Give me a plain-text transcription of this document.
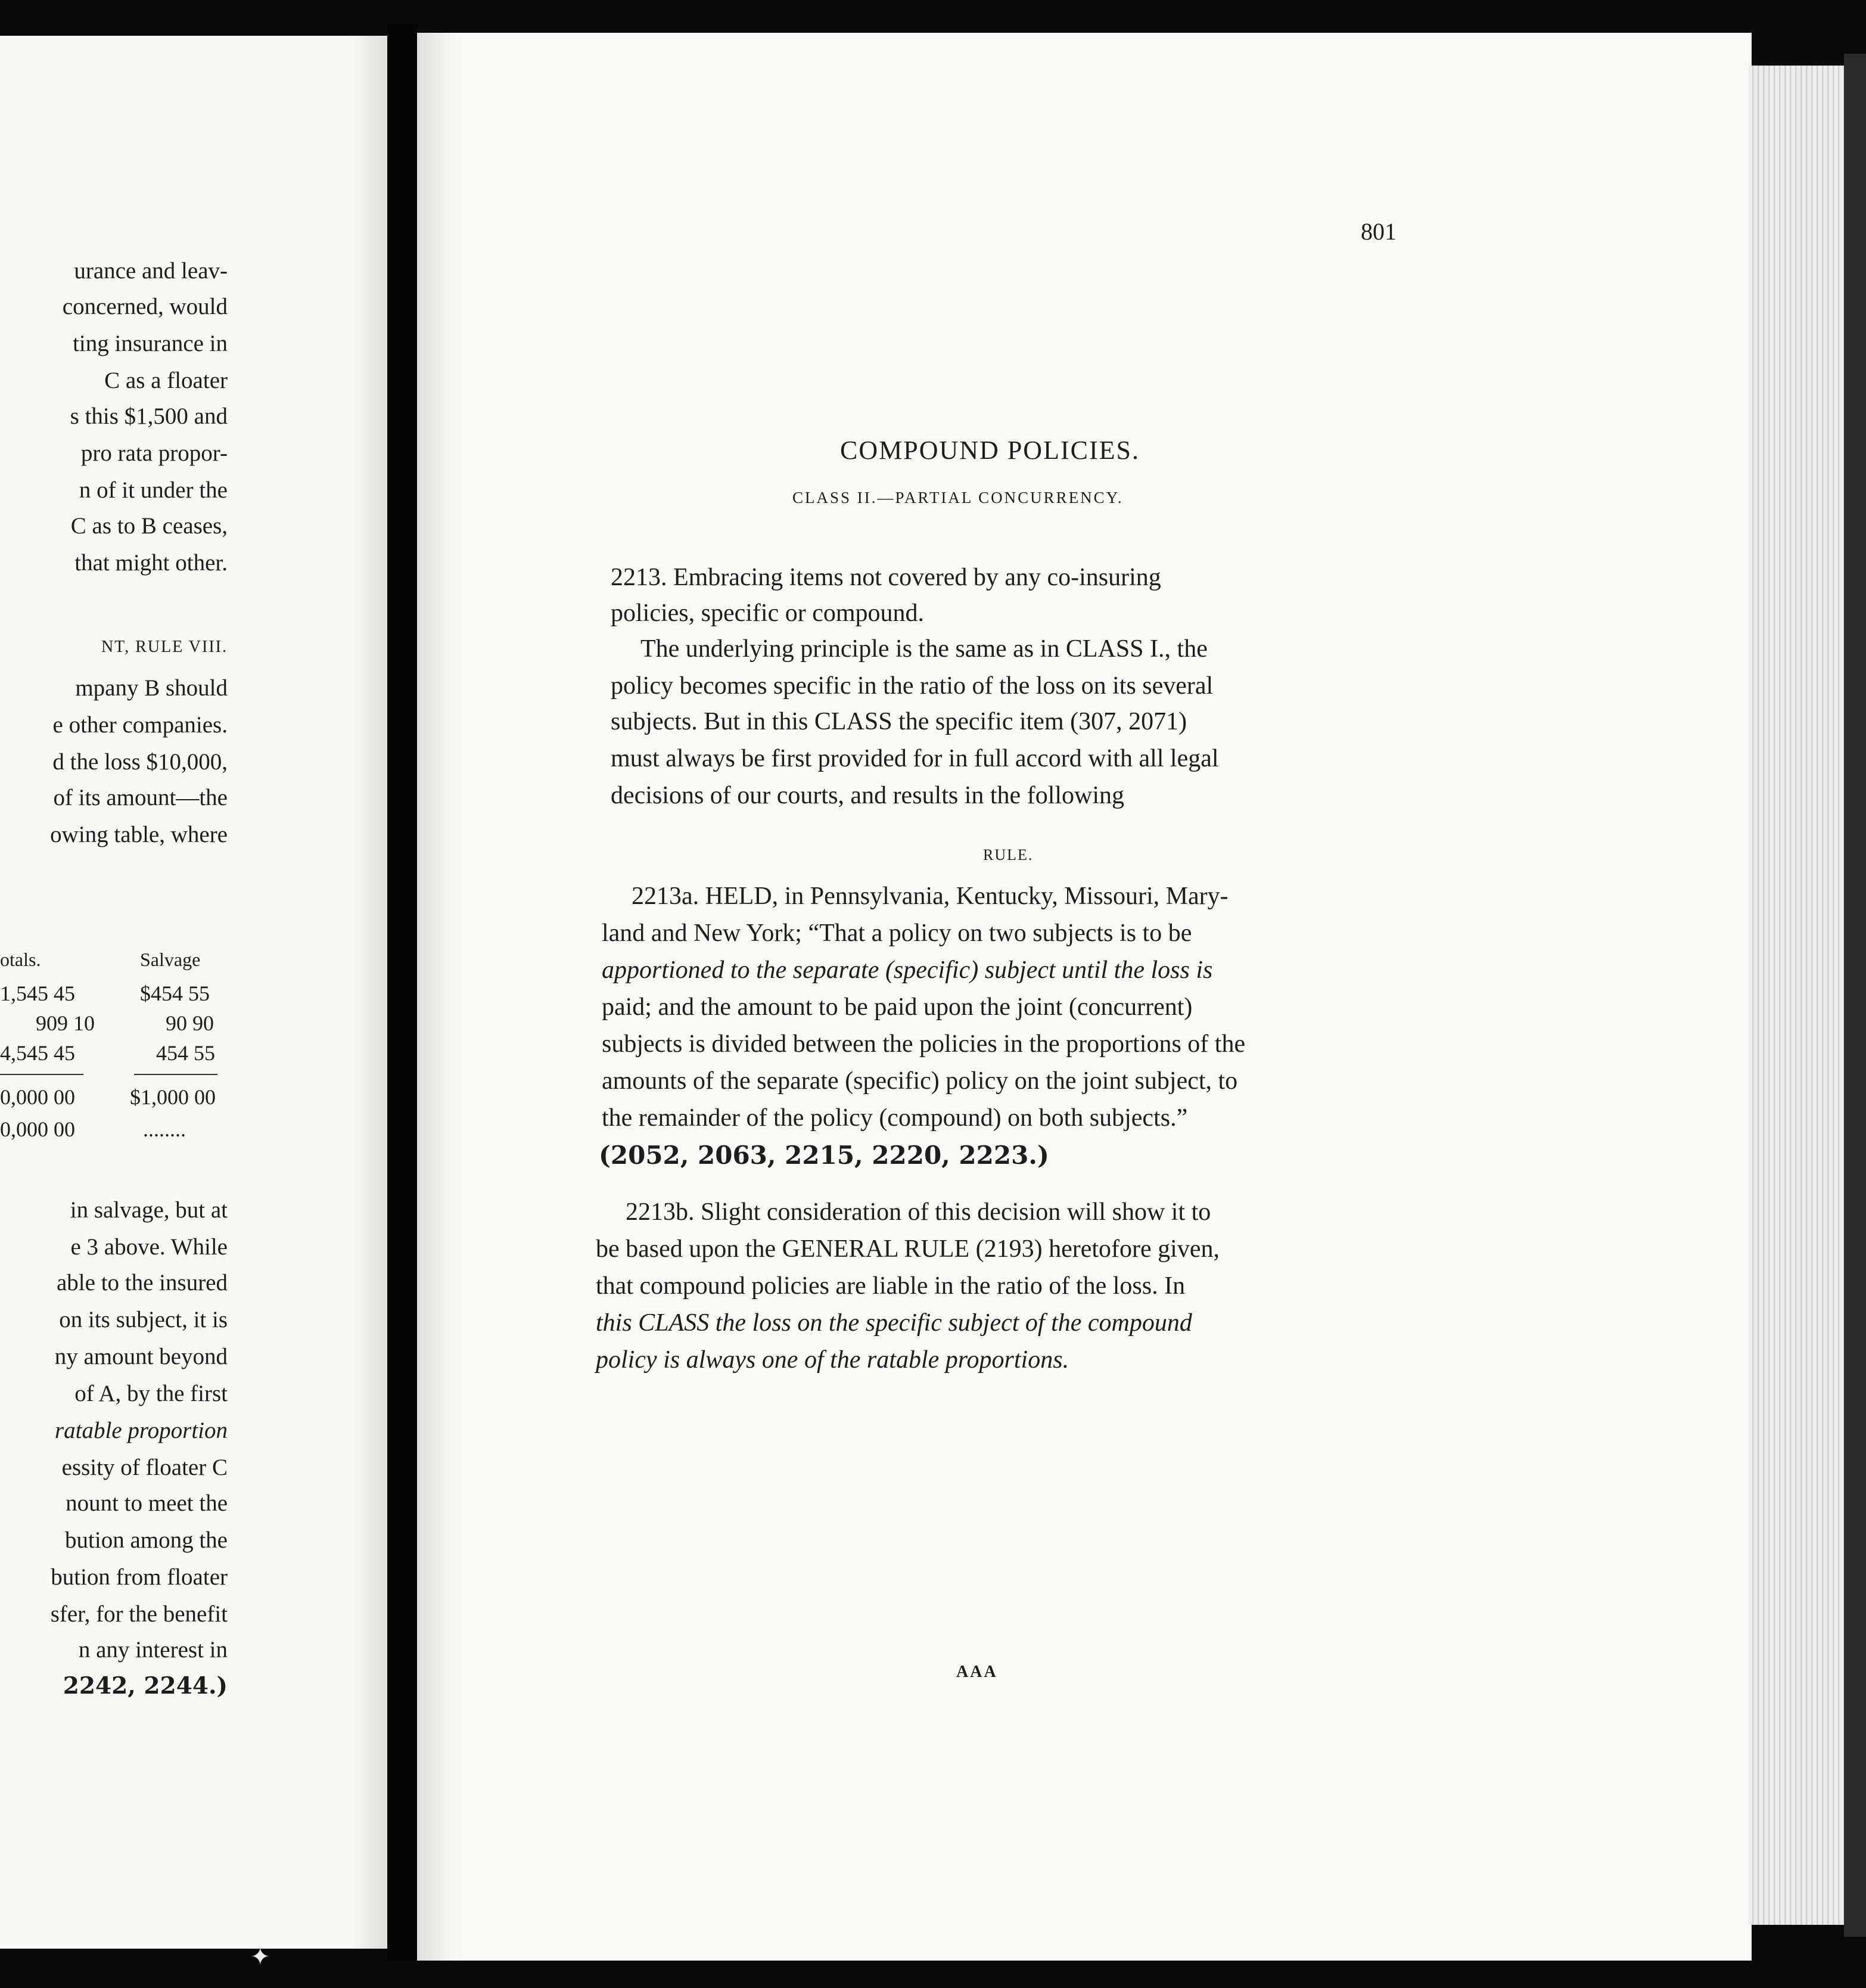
urance and leav-
concerned, would
ting insurance in
C as a floater
s this $1,500 and
pro rata propor-
n of it under the
C as to B ceases,
that might other.
NT, RULE VIII.
mpany B should
e other companies.
d the loss $10,000,
of its amount—the
owing table, where
otals.	Salvage
1,545 45	$454 55
909 10	90 90
4,545 45	454 55
0,000 00	$1,000 00
0,000 00	........
in salvage, but at
e 3 above. While
able to the insured
on its subject, it is
ny amount beyond
of A, by the first
ratable proportion
essity of floater C
nount to meet the
bution among the
bution from floater
sfer, for the benefit
n any interest in
2242, 2244.)
801
COMPOUND POLICIES.
CLASS II.—PARTIAL CONCURRENCY.
2213. Embracing items not covered by any co-insuring
policies, specific or compound.
The underlying principle is the same as in CLASS I., the
policy becomes specific in the ratio of the loss on its several
subjects. But in this CLASS the specific item (307, 2071)
must always be first provided for in full accord with all legal
decisions of our courts, and results in the following
RULE.
2213a. HELD, in Pennsylvania, Kentucky, Missouri, Mary-
land and New York; “That a policy on two subjects is to be
apportioned to the separate (specific) subject until the loss is
paid; and the amount to be paid upon the joint (concurrent)
subjects is divided between the policies in the proportions of the
amounts of the separate (specific) policy on the joint subject, to
the remainder of the policy (compound) on both subjects.”
(2052, 2063, 2215, 2220, 2223.)
2213b. Slight consideration of this decision will show it to
be based upon the GENERAL RULE (2193) heretofore given,
that compound policies are liable in the ratio of the loss. In
this CLASS the loss on the specific subject of the compound
policy is always one of the ratable proportions.
AAA
✦
